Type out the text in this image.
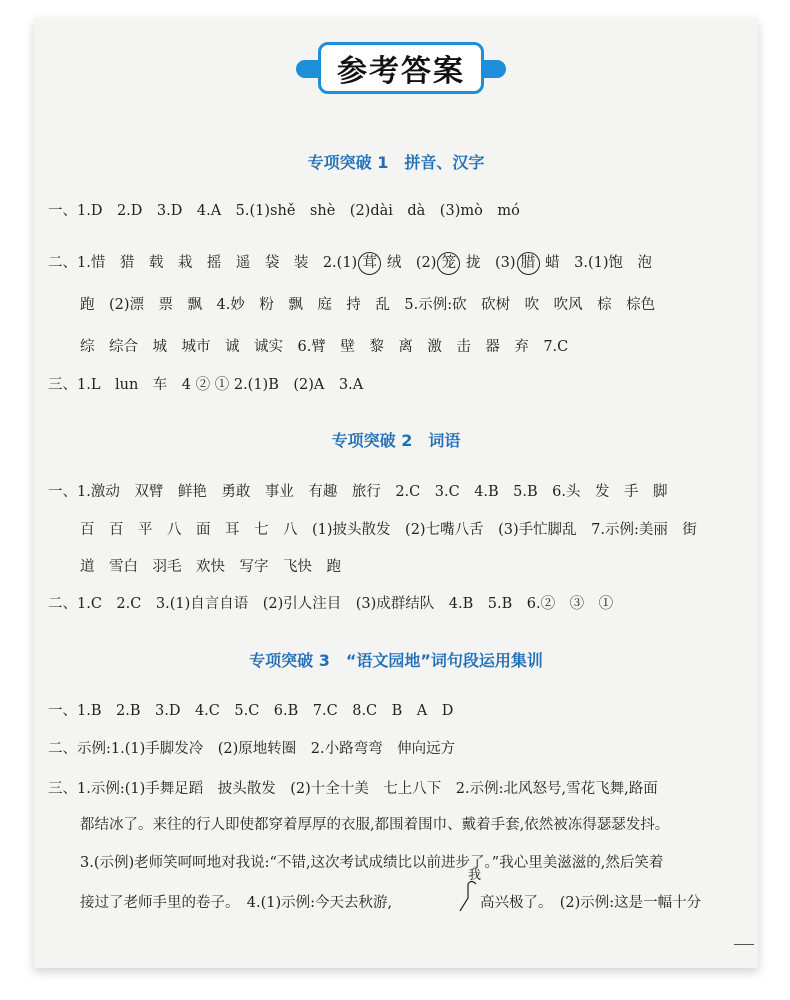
参考答案
专项突破 1　拼音、汉字
一、1.D　2.D　3.D　4.A　5.(1)shě　shè　(2)dài　dà　(3)mò　mó
二、1.惜　猎　载　栽　摇　遥　袋　装　2.(1) 茸 绒　(2) 笼 拢　(3) 腊 蜡　3.(1)饱　泡
跑　(2)漂　票　飘　4.妙　粉　飘　庭　持　乱　5.示例:砍　砍树　吹　吹风　棕　棕色
综　综合　城　城市　诚　诚实　6.臂　壁　黎　离　激　击　器　弃　7.C
三、1.L　lun　车　4 ② ① 2.(1)B　(2)A　3.A
专项突破 2　词语
一、1.激动　双臂　鲜艳　勇敢　事业　有趣　旅行　2.C　3.C　4.B　5.B　6.头　发　手　脚
百　百　平　八　面　耳　七　八　(1)披头散发　(2)七嘴八舌　(3)手忙脚乱　7.示例:美丽　街
道　雪白　羽毛　欢快　写字　飞快　跑
二、1.C　2.C　3.(1)自言自语　(2)引人注目　(3)成群结队　4.B　5.B　6.②　③　①
专项突破 3　“语文园地”词句段运用集训
一、1.B　2.B　3.D　4.C　5.C　6.B　7.C　8.C　B　A　D
二、示例:1.(1)手脚发冷　(2)原地转圈　2.小路弯弯　伸向远方
三、1.示例:(1)手舞足蹈　披头散发　(2)十全十美　七上八下　2.示例:北风怒号,雪花飞舞,路面
都结冰了。来往的行人即使都穿着厚厚的衣服,都围着围巾、戴着手套,依然被冻得瑟瑟发抖。
3.(示例)老师笑呵呵地对我说:“不错,这次考试成绩比以前进步了。”我心里美滋滋的,然后笑着
接过了老师手里的卷子。　4.(1)示例:今天去秋游,
我
高兴极了。　(2)示例:这是一幅十分
